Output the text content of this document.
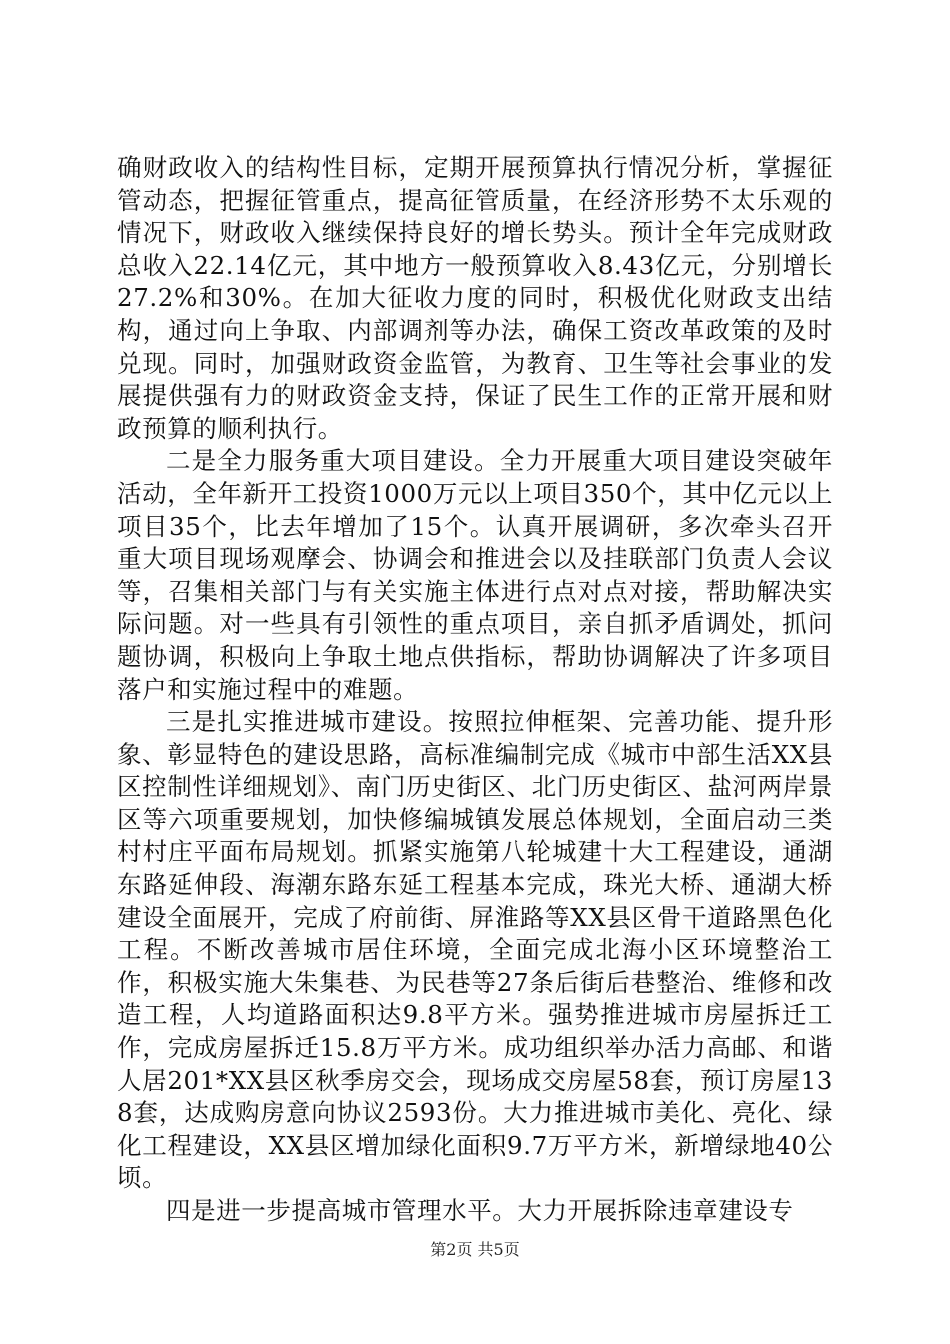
确财政收入的结构性目标，定期开展预算执行情况分析，掌握征管动态，把握征管重点，提高征管质量，在经济形势不太乐观的情况下，财政收入继续保持良好的增长势头。预计全年完成财政总收入22.14亿元，其中地方一般预算收入8.43亿元，分别增长27.2%和30%。在加大征收力度的同时，积极优化财政支出结构，通过向上争取、内部调剂等办法，确保工资改革政策的及时兑现。同时，加强财政资金监管，为教育、卫生等社会事业的发展提供强有力的财政资金支持，保证了民生工作的正常开展和财政预算的顺利执行。

二是全力服务重大项目建设。全力开展重大项目建设突破年活动，全年新开工投资1000万元以上项目350个，其中亿元以上项目35个，比去年增加了15个。认真开展调研，多次牵头召开重大项目现场观摩会、协调会和推进会以及挂联部门负责人会议等，召集相关部门与有关实施主体进行点对点对接，帮助解决实际问题。对一些具有引领性的重点项目，亲自抓矛盾调处，抓问题协调，积极向上争取土地点供指标，帮助协调解决了许多项目落户和实施过程中的难题。

三是扎实推进城市建设。按照拉伸框架、完善功能、提升形象、彰显特色的建设思路，高标准编制完成《城市中部生活XX县区控制性详细规划》、南门历史街区、北门历史街区、盐河两岸景区等六项重要规划，加快修编城镇发展总体规划，全面启动三类村村庄平面布局规划。抓紧实施第八轮城建十大工程建设，通湖东路延伸段、海潮东路东延工程基本完成，珠光大桥、通湖大桥建设全面展开，完成了府前街、屏淮路等XX县区骨干道路黑色化工程。不断改善城市居住环境，全面完成北海小区环境整治工作，积极实施大朱集巷、为民巷等27条后街后巷整治、维修和改造工程，人均道路面积达9.8平方米。强势推进城市房屋拆迁工作，完成房屋拆迁15.8万平方米。成功组织举办活力高邮、和谐人居201*XX县区秋季房交会，现场成交房屋58套，预订房屋138套，达成购房意向协议2593份。大力推进城市美化、亮化、绿化工程建设，XX县区增加绿化面积9.7万平方米，新增绿地40公顷。

四是进一步提高城市管理水平。大力开展拆除违章建设专

第2页 共5页
